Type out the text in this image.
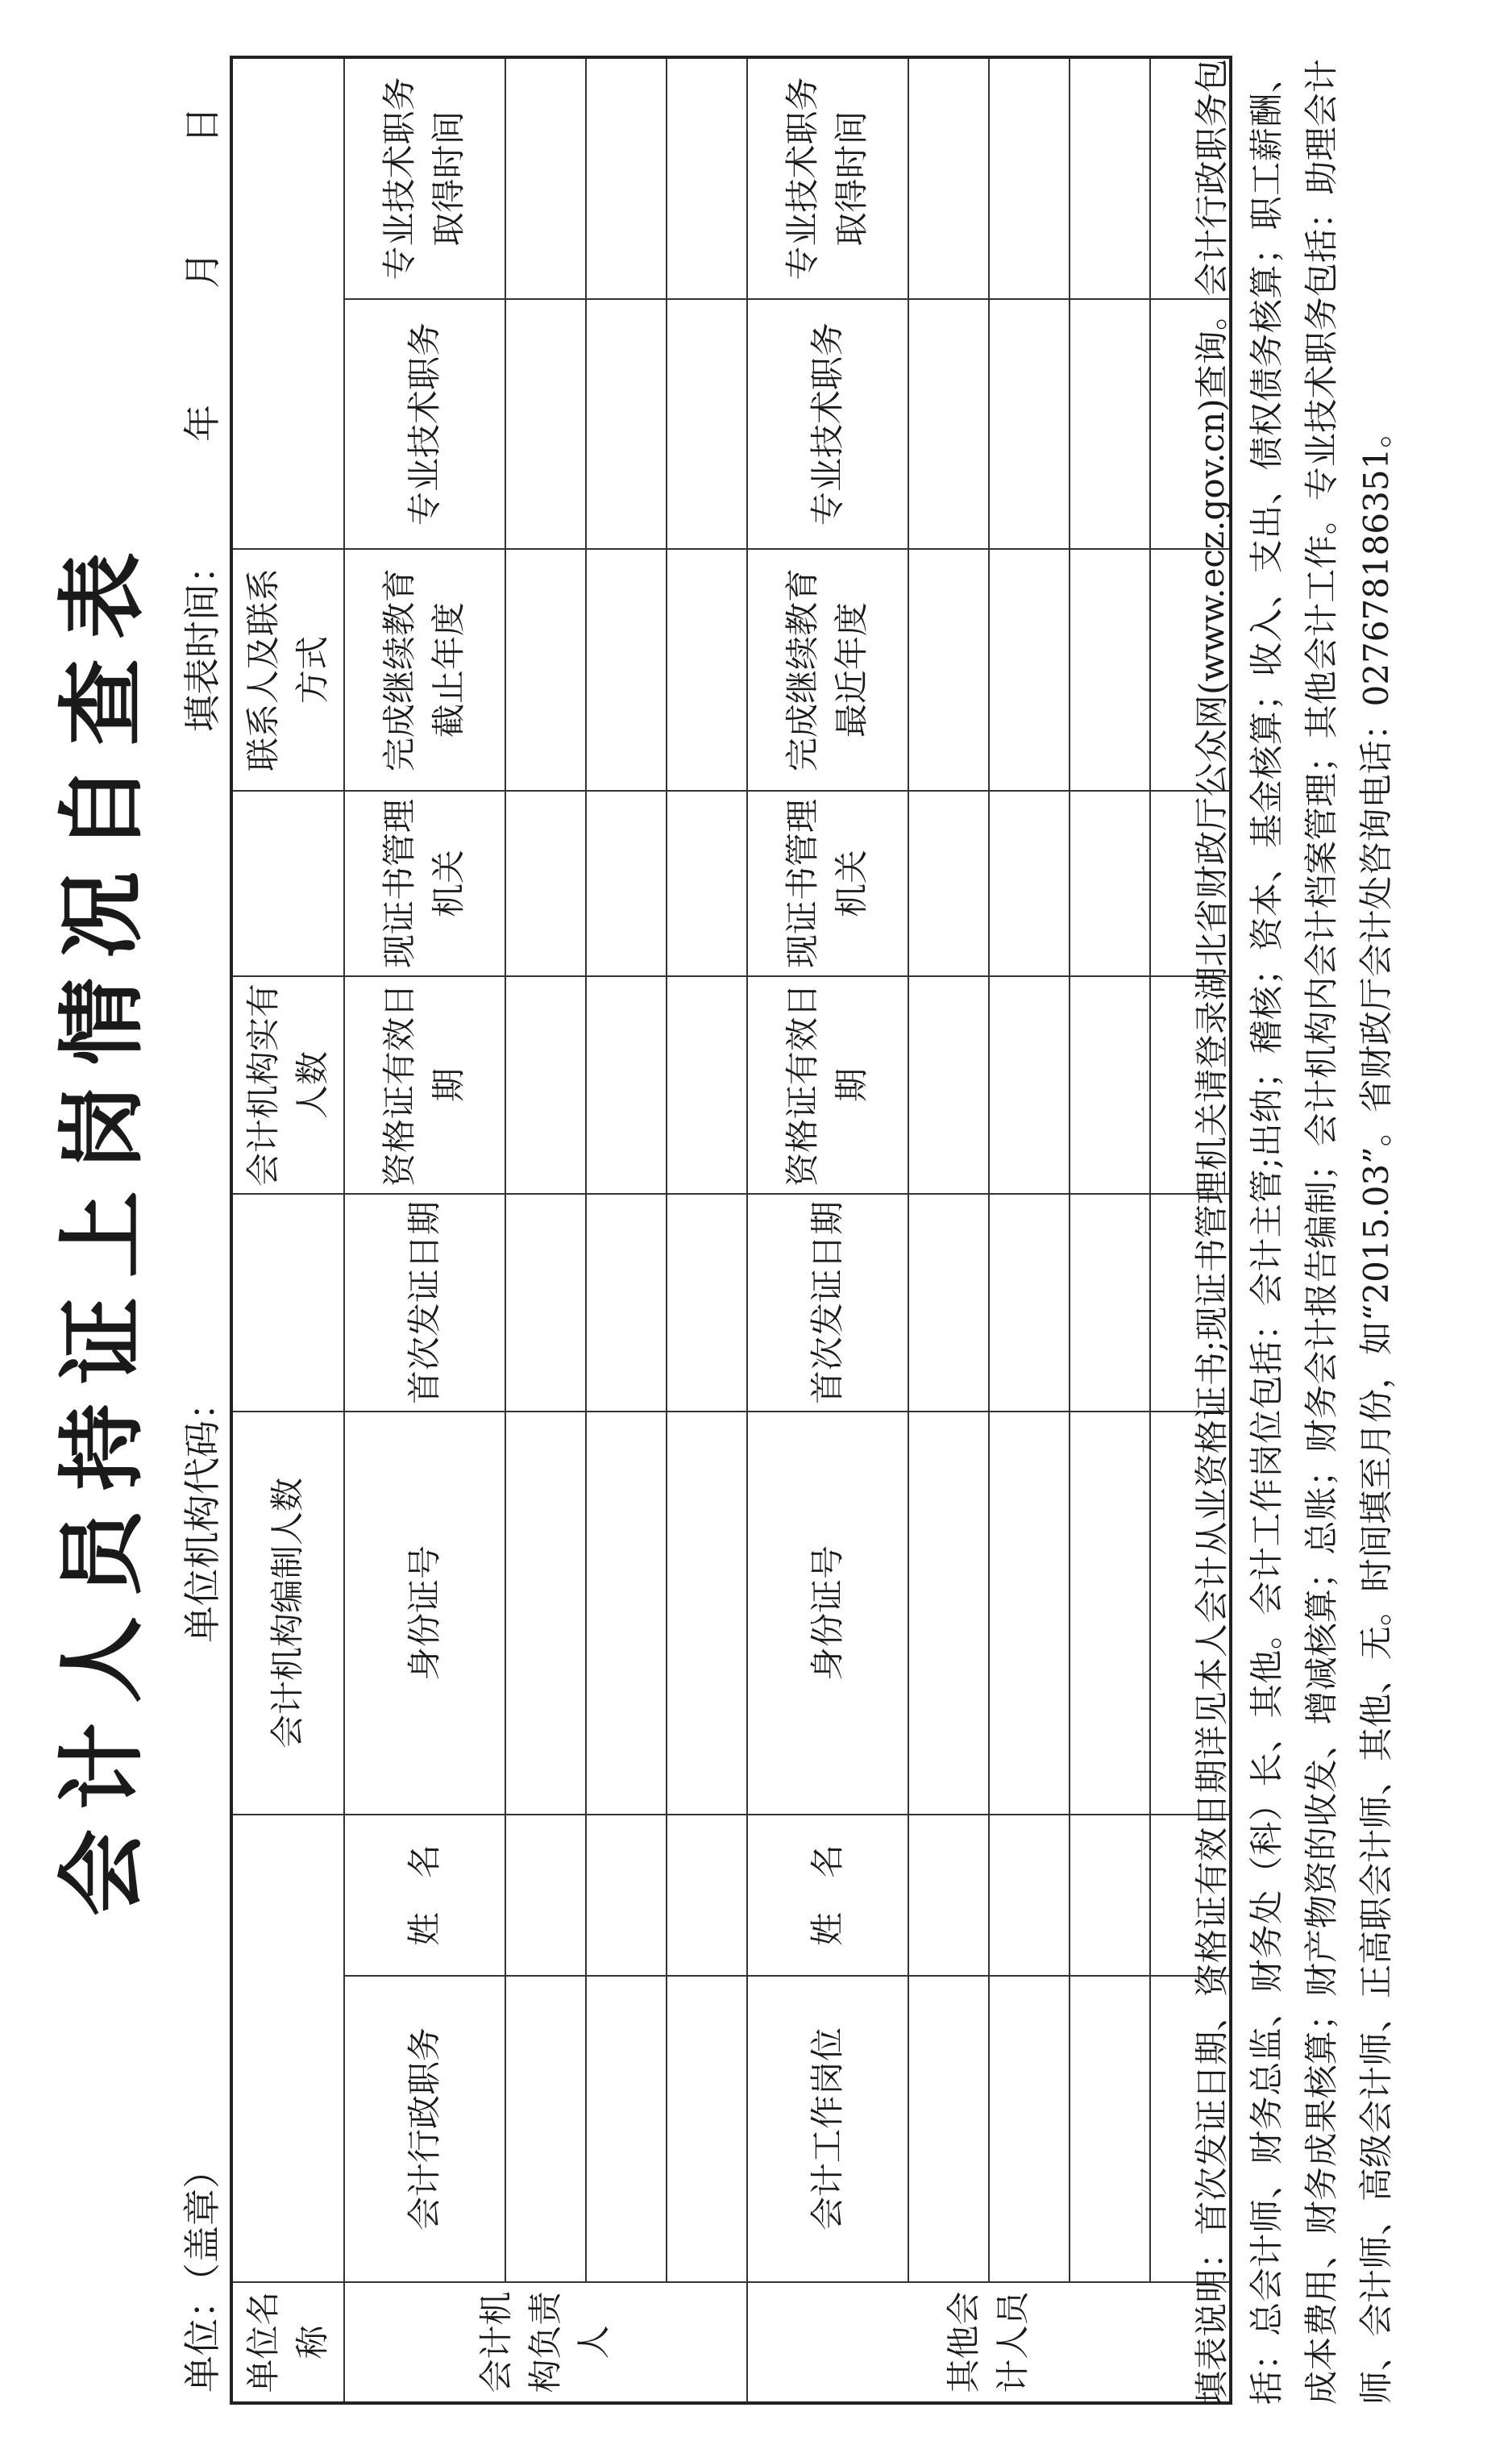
会计人员持证上岗情况自查表
单位：（盖章）
单位机构代码：
填表时间：
年
月
日
单位名称			会计机构编制人数		会计机构实有人数		联系人及联系方式		
会计机构负责人	会计行政职务	姓　名	身份证号	首次发证日期	资格证有效日期	现证书管理机关	完成继续教育截止年度	专业技术职务	专业技术职务取得时间

其他会计人员	会计工作岗位	姓　名	身份证号	首次发证日期	资格证有效日期	现证书管理机关	完成继续教育最近年度	专业技术职务	专业技术职务取得时间

									填表说明：首次发证日期、资格证有效日期详见本人会计从业资格证书;现证书管理机关请登录湖北省财政厅公众网(www.ecz.gov.cn)查询。会计行政职务包括：总会计师、财务总监、财务处（科）长、其他。会计工作岗位包括：会计主管;出纳；稽核；资本、基金核算；收入、支出、债权债务核算；职工薪酬、成本费用、财务成果核算；财产物资的收发、增减核算；总账；财务会计报告编制；会计机构内会计档案管理；其他会计工作。专业技术职务包括：助理会计师、会计师、高级会计师、正高职会计师、其他、无。时间填至月份，如“2015.03”。省财政厅会计处咨询电话：027678186351。
